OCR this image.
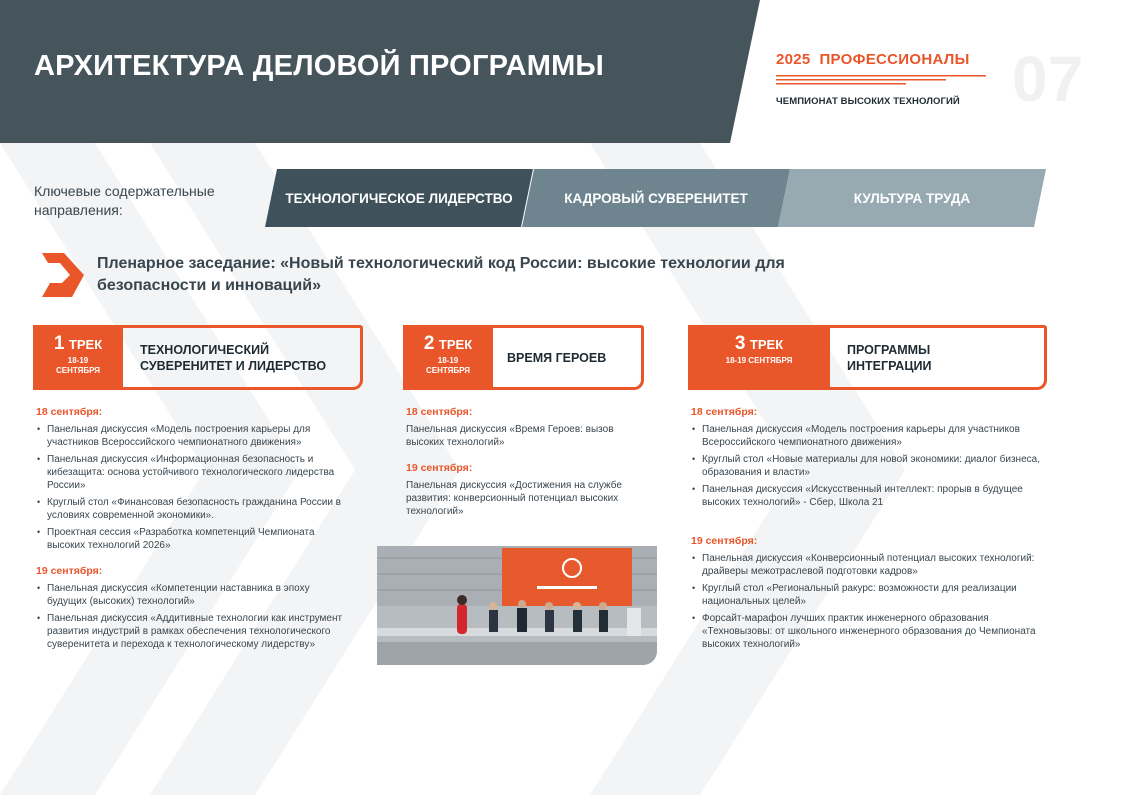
АРХИТЕКТУРА ДЕЛОВОЙ ПРОГРАММЫ	2025 ПРОФЕССИОНАЛЫ
ЧЕМПИОНАТ ВЫСОКИХ ТЕХНОЛОГИЙ 07
Ключевые содержательные направления:
ТЕХНОЛОГИЧЕСКОЕ ЛИДЕРСТВО	КАДРОВЫЙ СУВЕРЕНИТЕТ	КУЛЬТУРА ТРУДА
Пленарное заседание: «Новый технологический код России: высокие технологии для безопасности и инноваций»
1 ТРЕК
18-19 СЕНТЯБРЯ
ТЕХНОЛОГИЧЕСКИЙ СУВЕРЕНИТЕТ И ЛИДЕРСТВО
2 ТРЕК
18-19 СЕНТЯБРЯ
ВРЕМЯ ГЕРОЕВ
3 ТРЕК
18-19 СЕНТЯБРЯ
ПРОГРАММЫ ИНТЕГРАЦИИ
18 сентября:
• Панельная дискуссия «Модель построения карьеры для участников Всероссийского чемпионатного движения»
• Панельная дискуссия «Информационная безопасность и кибезащита: основа устойчивого технологического лидерства России»
• Круглый стол «Финансовая безопасность гражданина России в условиях современной экономики».
• Проектная сессия «Разработка компетенций Чемпионата высоких технологий 2026»
19 сентября:
• Панельная дискуссия «Компетенции наставника в эпоху будущих (высоких) технологий»
• Панельная дискуссия «Аддитивные технологии как инструмент развития индустрий в рамках обеспечения технологического суверенитета и перехода к технологическому лидерству»
18 сентября:
Панельная дискуссия «Время Героев: вызов высоких технологий»
19 сентября:
Панельная дискуссия «Достижения на службе развития: конверсионный потенциал высоких технологий»
18 сентября:
• Панельная дискуссия «Модель построения карьеры для участников Всероссийского чемпионатного движения»
• Круглый стол «Новые материалы для новой экономики: диалог бизнеса, образования и власти»
• Панельная дискуссия «Искусственный интеллект: прорыв в будущее высоких технологий» - Сбер, Школа 21
19 сентября:
• Панельная дискуссия «Конверсионный потенциал высоких технологий: драйверы межотраслевой подготовки кадров»
• Круглый стол «Региональный ракурс: возможности для реализации национальных целей»
• Форсайт-марафон лучших практик инженерного образования «Техновызовы: от школьного инженерного образования до Чемпионата высоких технологий»
